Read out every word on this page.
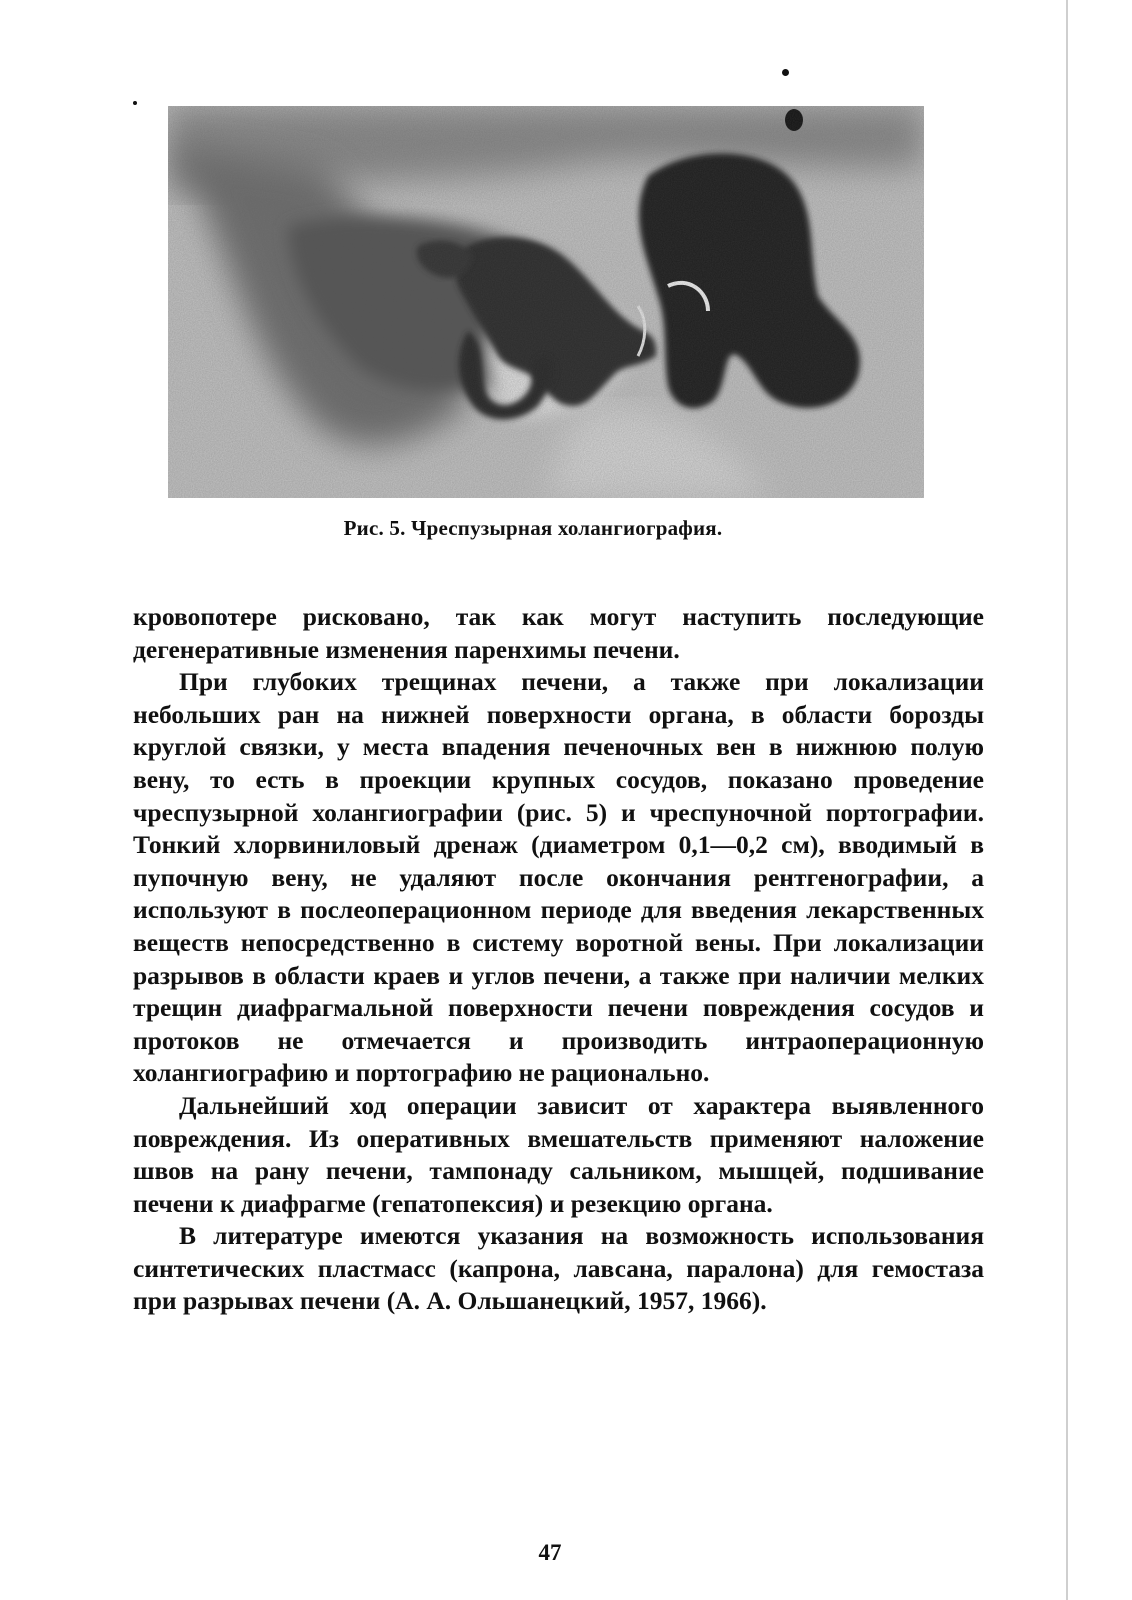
Рис. 5. Чреспузырная холангиография.

кровопотере рисковано, так как могут наступить последующие дегенеративные изменения паренхимы печени.

При глубоких трещинах печени, а также при локализации небольших ран на нижней поверхности органа, в области борозды круглой связки, у места впадения печеночных вен в нижнюю полую вену, то есть в проекции крупных сосудов, показано проведение чреспузырной холангиографии (рис. 5) и чреспуночной портографии. Тонкий хлорвиниловый дренаж (диаметром 0,1—0,2 см), вводимый в пупочную вену, не удаляют после окончания рентгенографии, а используют в послеоперационном периоде для введения лекарственных веществ непосредственно в систему воротной вены. При локализации разрывов в области краев и углов печени, а также при наличии мелких трещин диафрагмальной поверхности печени повреждения сосудов и протоков не отмечается и производить интраоперационную холангиографию и портографию не рационально.

Дальнейший ход операции зависит от характера выявленного повреждения. Из оперативных вмешательств применяют наложение швов на рану печени, тампонаду сальником, мышцей, подшивание печени к диафрагме (гепатопексия) и резекцию органа.

В литературе имеются указания на возможность использования синтетических пластмасс (капрона, лавсана, паралона) для гемостаза при разрывах печени (А. А. Ольшанецкий, 1957, 1966).

47
